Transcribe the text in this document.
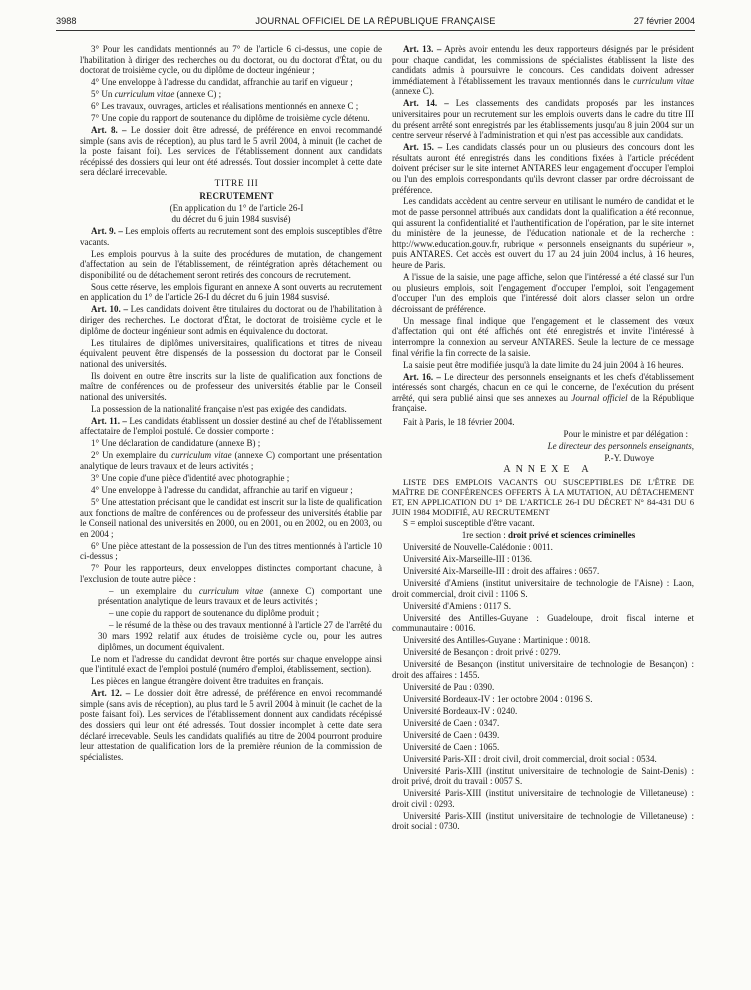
3988	JOURNAL OFFICIEL DE LA RÉPUBLIQUE FRANÇAISE	27 février 2004

3° Pour les candidats mentionnés au 7° de l'article 6 ci-dessus, une copie de l'habilitation à diriger des recherches ou du doctorat, ou du doctorat d'État, ou du doctorat de troisième cycle, ou du diplôme de docteur ingénieur ;

4° Une enveloppe à l'adresse du candidat, affranchie au tarif en vigueur ;

5° Un curriculum vitae (annexe C) ;

6° Les travaux, ouvrages, articles et réalisations mentionnés en annexe C ;

7° Une copie du rapport de soutenance du diplôme de troisième cycle détenu.

Art. 8. – Le dossier doit être adressé, de préférence en envoi recommandé simple (sans avis de réception), au plus tard le 5 avril 2004, à minuit (le cachet de la poste faisant foi). Les services de l'établissement donnent aux candidats récépissé des dossiers qui leur ont été adressés. Tout dossier incomplet à cette date sera déclaré irrecevable.

TITRE III

RECRUTEMENT

(En application du 1° de l'article 26-I
du décret du 6 juin 1984 susvisé)

Art. 9. – Les emplois offerts au recrutement sont des emplois susceptibles d'être vacants.

Les emplois pourvus à la suite des procédures de mutation, de changement d'affectation au sein de l'établissement, de réintégration après détachement ou disponibilité ou de détachement seront retirés des concours de recrutement.

Sous cette réserve, les emplois figurant en annexe A sont ouverts au recrutement en application du 1° de l'article 26-I du décret du 6 juin 1984 susvisé.

Art. 10. – Les candidats doivent être titulaires du doctorat ou de l'habilitation à diriger des recherches. Le doctorat d'État, le doctorat de troisième cycle et le diplôme de docteur ingénieur sont admis en équivalence du doctorat.

Les titulaires de diplômes universitaires, qualifications et titres de niveau équivalent peuvent être dispensés de la possession du doctorat par le Conseil national des universités.

Ils doivent en outre être inscrits sur la liste de qualification aux fonctions de maître de conférences ou de professeur des universités établie par le Conseil national des universités.

La possession de la nationalité française n'est pas exigée des candidats.

Art. 11. – Les candidats établissent un dossier destiné au chef de l'établissement affectataire de l'emploi postulé. Ce dossier comporte :

1° Une déclaration de candidature (annexe B) ;

2° Un exemplaire du curriculum vitae (annexe C) comportant une présentation analytique de leurs travaux et de leurs activités ;

3° Une copie d'une pièce d'identité avec photographie ;

4° Une enveloppe à l'adresse du candidat, affranchie au tarif en vigueur ;

5° Une attestation précisant que le candidat est inscrit sur la liste de qualification aux fonctions de maître de conférences ou de professeur des universités établie par le Conseil national des universités en 2000, ou en 2001, ou en 2002, ou en 2003, ou en 2004 ;

6° Une pièce attestant de la possession de l'un des titres mentionnés à l'article 10 ci-dessus ;

7° Pour les rapporteurs, deux enveloppes distinctes comportant chacune, à l'exclusion de toute autre pièce :

– un exemplaire du curriculum vitae (annexe C) comportant une présentation analytique de leurs travaux et de leurs activités ;

– une copie du rapport de soutenance du diplôme produit ;

– le résumé de la thèse ou des travaux mentionné à l'article 27 de l'arrêté du 30 mars 1992 relatif aux études de troisième cycle ou, pour les autres diplômes, un document équivalent.

Le nom et l'adresse du candidat devront être portés sur chaque enveloppe ainsi que l'intitulé exact de l'emploi postulé (numéro d'emploi, établissement, section).

Les pièces en langue étrangère doivent être traduites en français.

Art. 12. – Le dossier doit être adressé, de préférence en envoi recommandé simple (sans avis de réception), au plus tard le 5 avril 2004 à minuit (le cachet de la poste faisant foi). Les services de l'établissement donnent aux candidats récépissé des dossiers qui leur ont été adressés. Tout dossier incomplet à cette date sera déclaré irrecevable. Seuls les candidats qualifiés au titre de 2004 pourront produire leur attestation de qualification lors de la première réunion de la commission de spécialistes.

Art. 13. – Après avoir entendu les deux rapporteurs désignés par le président pour chaque candidat, les commissions de spécialistes établissent la liste des candidats admis à poursuivre le concours. Ces candidats doivent adresser immédiatement à l'établissement les travaux mentionnés dans le curriculum vitae (annexe C).

Art. 14. – Les classements des candidats proposés par les instances universitaires pour un recrutement sur les emplois ouverts dans le cadre du titre III du présent arrêté sont enregistrés par les établissements jusqu'au 8 juin 2004 sur un centre serveur réservé à l'administration et qui n'est pas accessible aux candidats.

Art. 15. – Les candidats classés pour un ou plusieurs des concours dont les résultats auront été enregistrés dans les conditions fixées à l'article précédent doivent préciser sur le site internet ANTARES leur engagement d'occuper l'emploi ou l'un des emplois correspondants qu'ils devront classer par ordre décroissant de préférence.

Les candidats accèdent au centre serveur en utilisant le numéro de candidat et le mot de passe personnel attribués aux candidats dont la qualification a été reconnue, qui assurent la confidentialité et l'authentification de l'opération, par le site internet du ministère de la jeunesse, de l'éducation nationale et de la recherche : http://www.education.gouv.fr, rubrique « personnels enseignants du supérieur », puis ANTARES. Cet accès est ouvert du 17 au 24 juin 2004 inclus, à 16 heures, heure de Paris.

A l'issue de la saisie, une page affiche, selon que l'intéressé a été classé sur l'un ou plusieurs emplois, soit l'engagement d'occuper l'emploi, soit l'engagement d'occuper l'un des emplois que l'intéressé doit alors classer selon un ordre décroissant de préférence.

Un message final indique que l'engagement et le classement des vœux d'affectation qui ont été affichés ont été enregistrés et invite l'intéressé à interrompre la connexion au serveur ANTARES. Seule la lecture de ce message final vérifie la fin correcte de la saisie.

La saisie peut être modifiée jusqu'à la date limite du 24 juin 2004 à 16 heures.

Art. 16. – Le directeur des personnels enseignants et les chefs d'établissement intéressés sont chargés, chacun en ce qui le concerne, de l'exécution du présent arrêté, qui sera publié ainsi que ses annexes au Journal officiel de la République française.

Fait à Paris, le 18 février 2004.

Pour le ministre et par délégation :

Le directeur des personnels enseignants,

P.-Y. Duwoye

ANNEXE A

LISTE DES EMPLOIS VACANTS OU SUSCEPTIBLES DE L'ÊTRE DE MAÎTRE DE CONFÉRENCES OFFERTS À LA MUTATION, AU DÉTACHEMENT ET, EN APPLICATION DU 1° DE L'ARTICLE 26-I DU DÉCRET N° 84-431 DU 6 JUIN 1984 MODIFIÉ, AU RECRUTEMENT

S = emploi susceptible d'être vacant.

1re section : droit privé et sciences criminelles

Université de Nouvelle-Calédonie : 0011.

Université Aix-Marseille-III : 0136.

Université Aix-Marseille-III : droit des affaires : 0657.

Université d'Amiens (institut universitaire de technologie de l'Aisne) : Laon, droit commercial, droit civil : 1106 S.

Université d'Amiens : 0117 S.

Université des Antilles-Guyane : Guadeloupe, droit fiscal interne et communautaire : 0016.

Université des Antilles-Guyane : Martinique : 0018.

Université de Besançon : droit privé : 0279.

Université de Besançon (institut universitaire de technologie de Besançon) : droit des affaires : 1455.

Université de Pau : 0390.

Université Bordeaux-IV : 1er octobre 2004 : 0196 S.

Université Bordeaux-IV : 0240.

Université de Caen : 0347.

Université de Caen : 0439.

Université de Caen : 1065.

Université Paris-XII : droit civil, droit commercial, droit social : 0534.

Université Paris-XIII (institut universitaire de technologie de Saint-Denis) : droit privé, droit du travail : 0057 S.

Université Paris-XIII (institut universitaire de technologie de Villetaneuse) : droit civil : 0293.

Université Paris-XIII (institut universitaire de technologie de Villetaneuse) : droit social : 0730.
